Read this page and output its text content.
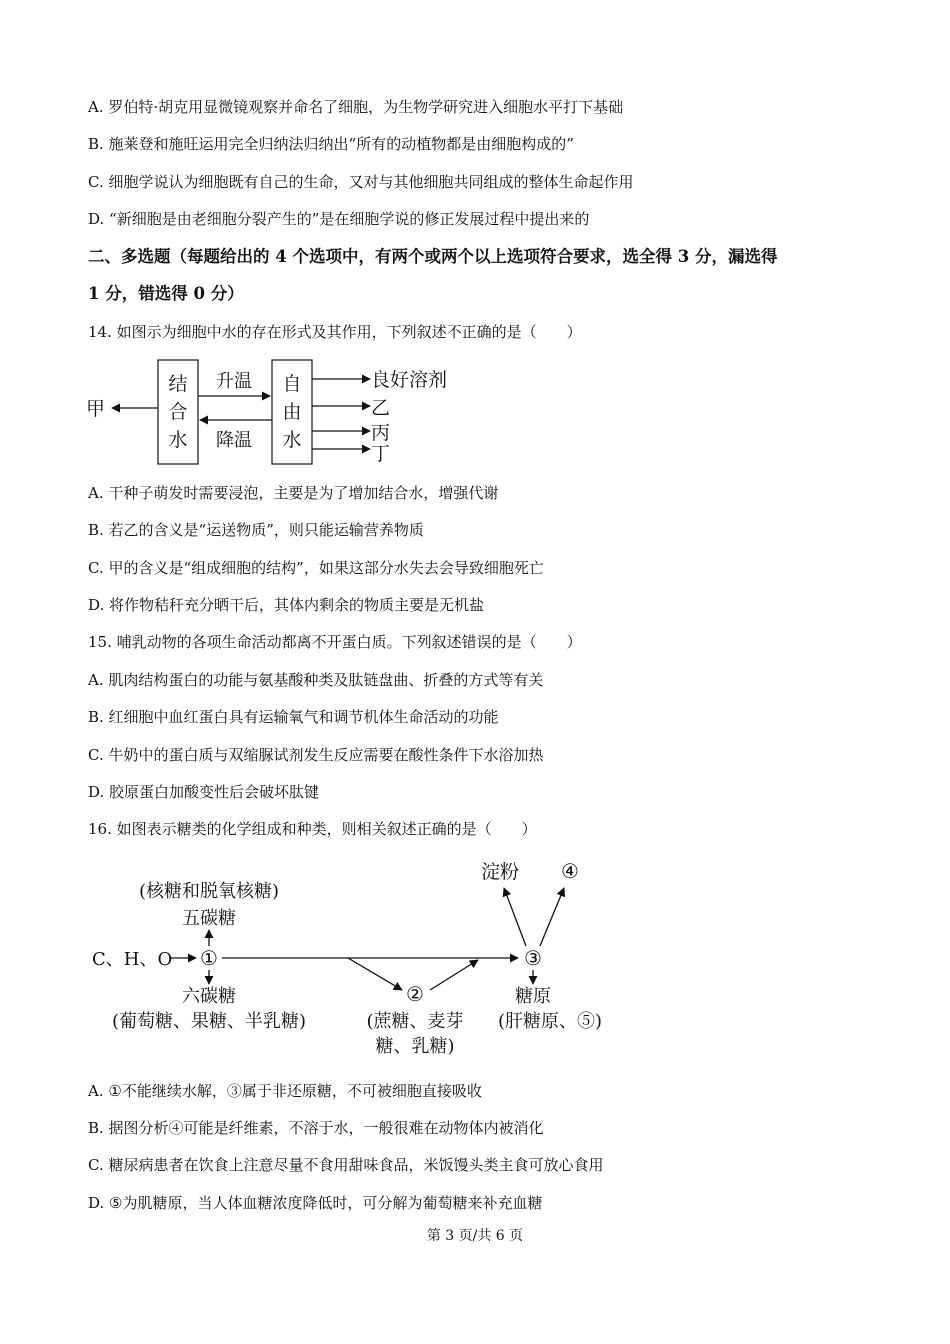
A. 罗伯特·胡克用显微镜观察并命名了细胞，为生物学研究进入细胞水平打下基础
B. 施莱登和施旺运用完全归纳法归纳出“所有的动植物都是由细胞构成的”
C. 细胞学说认为细胞既有自己的生命，又对与其他细胞共同组成的整体生命起作用
D. “新细胞是由老细胞分裂产生的”是在细胞学说的修正发展过程中提出来的
二、多选题（每题给出的 4 个选项中，有两个或两个以上选项符合要求，选全得 3 分，漏选得
1 分，错选得 0 分）
14. 如图示为细胞中水的存在形式及其作用，下列叙述不正确的是（　　）
结
合
水
自
由
水
升温
降温
甲
良好溶剂
乙
丙
丁
A. 干种子萌发时需要浸泡，主要是为了增加结合水，增强代谢
B. 若乙的含义是“运送物质”，则只能运输营养物质
C. 甲的含义是“组成细胞的结构”，如果这部分水失去会导致细胞死亡
D. 将作物秸秆充分晒干后，其体内剩余的物质主要是无机盐
15. 哺乳动物的各项生命活动都离不开蛋白质。下列叙述错误的是（　　）
A. 肌肉结构蛋白的功能与氨基酸种类及肽链盘曲、折叠的方式等有关
B. 红细胞中血红蛋白具有运输氧气和调节机体生命活动的功能
C. 牛奶中的蛋白质与双缩脲试剂发生反应需要在酸性条件下水浴加热
D. 胶原蛋白加酸变性后会破坏肽键
16. 如图表示糖类的化学组成和种类，则相关叙述正确的是（　　）
C、H、O ①
(核糖和脱氧核糖)
五碳糖
六碳糖
(葡萄糖、果糖、半乳糖)
③
②
(蔗糖、麦芽
糖、乳糖)
淀粉 ④
糖原
(肝糖原、⑤)
A. ①不能继续水解，③属于非还原糖，不可被细胞直接吸收
B. 据图分析④可能是纤维素，不溶于水，一般很难在动物体内被消化
C. 糖尿病患者在饮食上注意尽量不食用甜味食品，米饭馒头类主食可放心食用
D. ⑤为肌糖原，当人体血糖浓度降低时，可分解为葡萄糖来补充血糖
第 3 页/共 6 页
